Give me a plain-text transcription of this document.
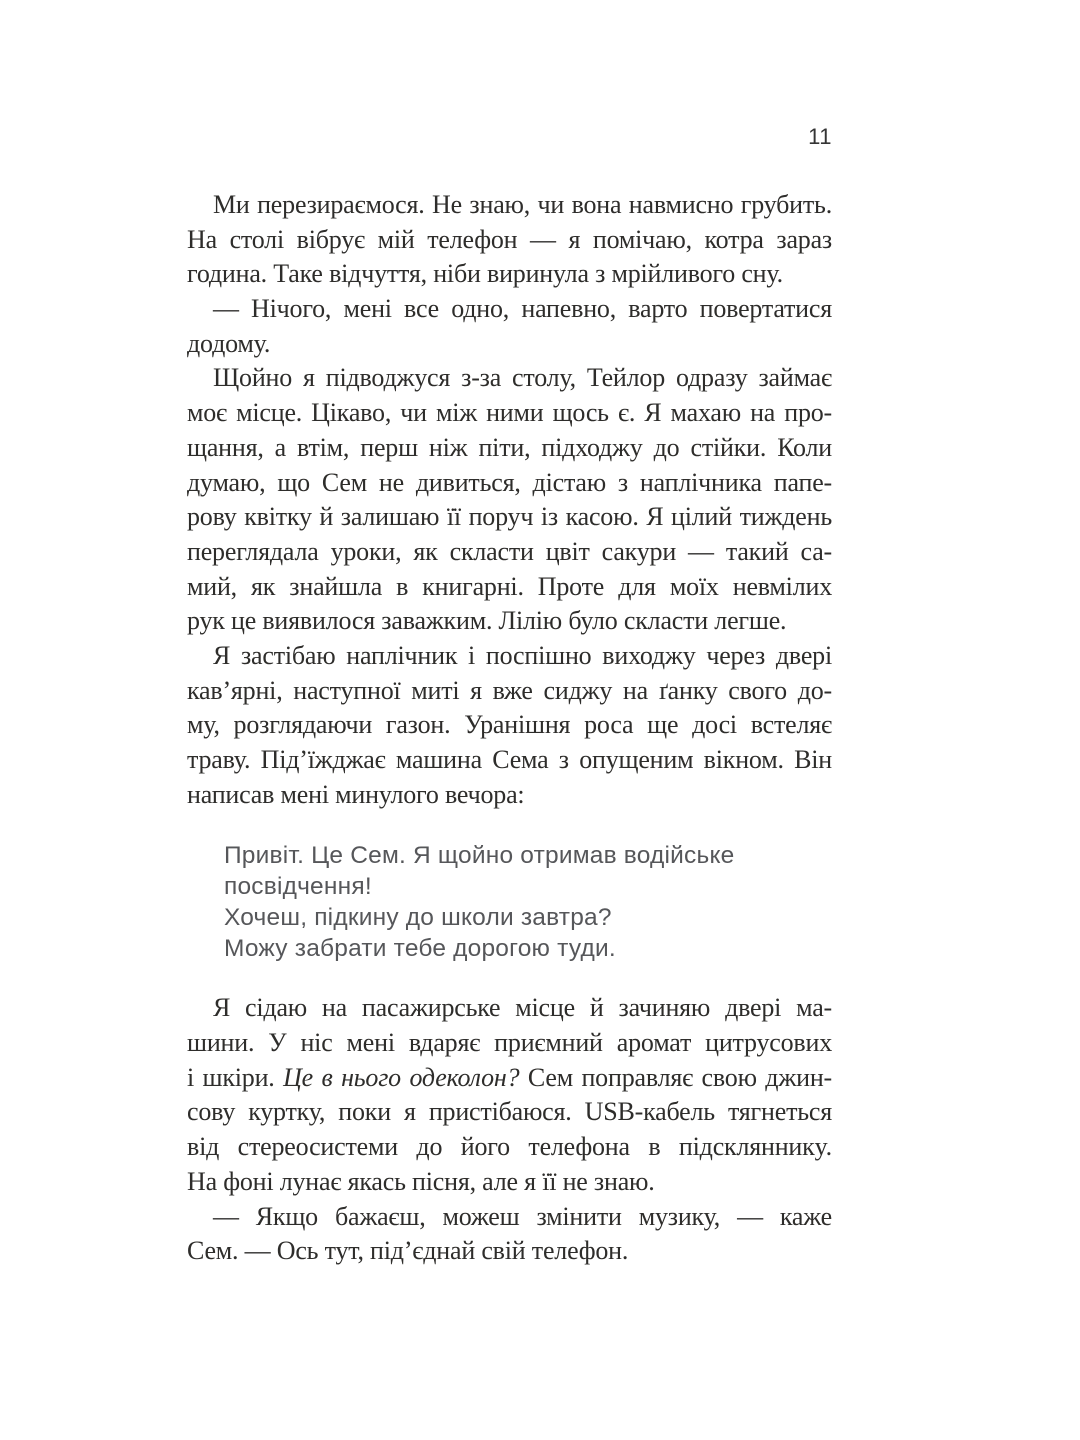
11
Ми перезираємося. Не знаю, чи вона навмисно грубить.
На столі вібрує мій телефон — я помічаю, котра зараз
година. Таке відчуття, ніби виринула з мрійливого сну.
— Нічого, мені все одно, напевно, варто повертатися
додому.
Щойно я підводжуся з-за столу, Тейлор одразу займає
моє місце. Цікаво, чи між ними щось є. Я махаю на про-
щання, а втім, перш ніж піти, підходжу до стійки. Коли
думаю, що Сем не дивиться, дістаю з наплічника папе-
рову квітку й залишаю її поруч із касою. Я цілий тиждень
переглядала уроки, як скласти цвіт сакури — такий са-
мий, як знайшла в книгарні. Проте для моїх невмілих
рук це виявилося заважким. Лілію було скласти легше.
Я застібаю наплічник і поспішно виходжу через двері
кав’ярні, наступної миті я вже сиджу на ґанку свого до-
му, розглядаючи газон. Уранішня роса ще досі встеляє
траву. Під’їжджає машина Сема з опущеним вікном. Він
написав мені минулого вечора:
Привіт. Це Сем. Я щойно отримав водійське
посвідчення!
Хочеш, підкину до школи завтра?
Можу забрати тебе дорогою туди.
Я сідаю на пасажирське місце й зачиняю двері ма-
шини. У ніс мені вдаряє приємний аромат цитрусових
і шкіри. Це в нього одеколон? Сем поправляє свою джин-
сову куртку, поки я пристібаюся. USB-кабель тягнеться
від стереосистеми до його телефона в підсклянникy.
На фоні лунає якась пісня, але я її не знаю.
— Якщо бажаєш, можеш змінити музику, — каже
Сем. — Ось тут, під’єднай свій телефон.
